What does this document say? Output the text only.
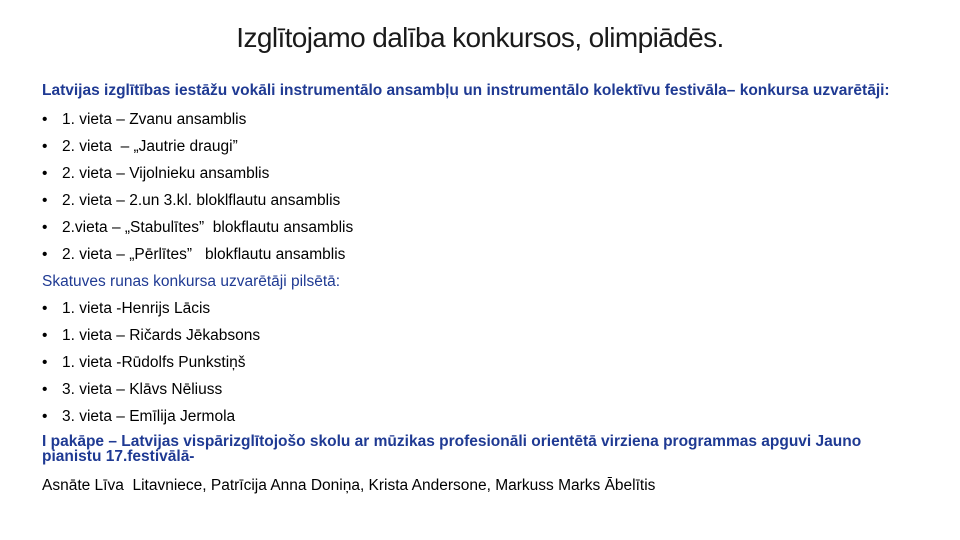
Izglītojamo dalība konkursos, olimpiādēs.
Latvijas izglītības iestāžu vokāli instrumentālo ansambļu un instrumentālo kolektīvu festivāla– konkursa uzvarētāji:
• 1. vieta – Zvanu ansamblis
• 2. vieta  – „Jautrie draugi”
• 2. vieta – Vijolnieku ansamblis
• 2. vieta – 2.un 3.kl. bloklflautu ansamblis
• 2.vieta – „Stabulītes”  blokflautu ansamblis
• 2. vieta – „Pērlītes”   blokflautu ansamblis
Skatuves runas konkursa uzvarētāji pilsētā:
• 1. vieta -Henrijs Lācis
• 1. vieta – Ričards Jēkabsons
• 1. vieta -Rūdolfs Punkstiņš
• 3. vieta – Klāvs Nēliuss
• 3. vieta – Emīlija Jermola
I pakāpe – Latvijas vispārizglītojošo skolu ar mūzikas profesionāli orientētā virziena programmas apguvi Jauno pianistu 17.festivālā-
Asnāte Līva  Litavniece, Patrīcija Anna Doniņa, Krista Andersone, Markuss Marks Ābelītis
